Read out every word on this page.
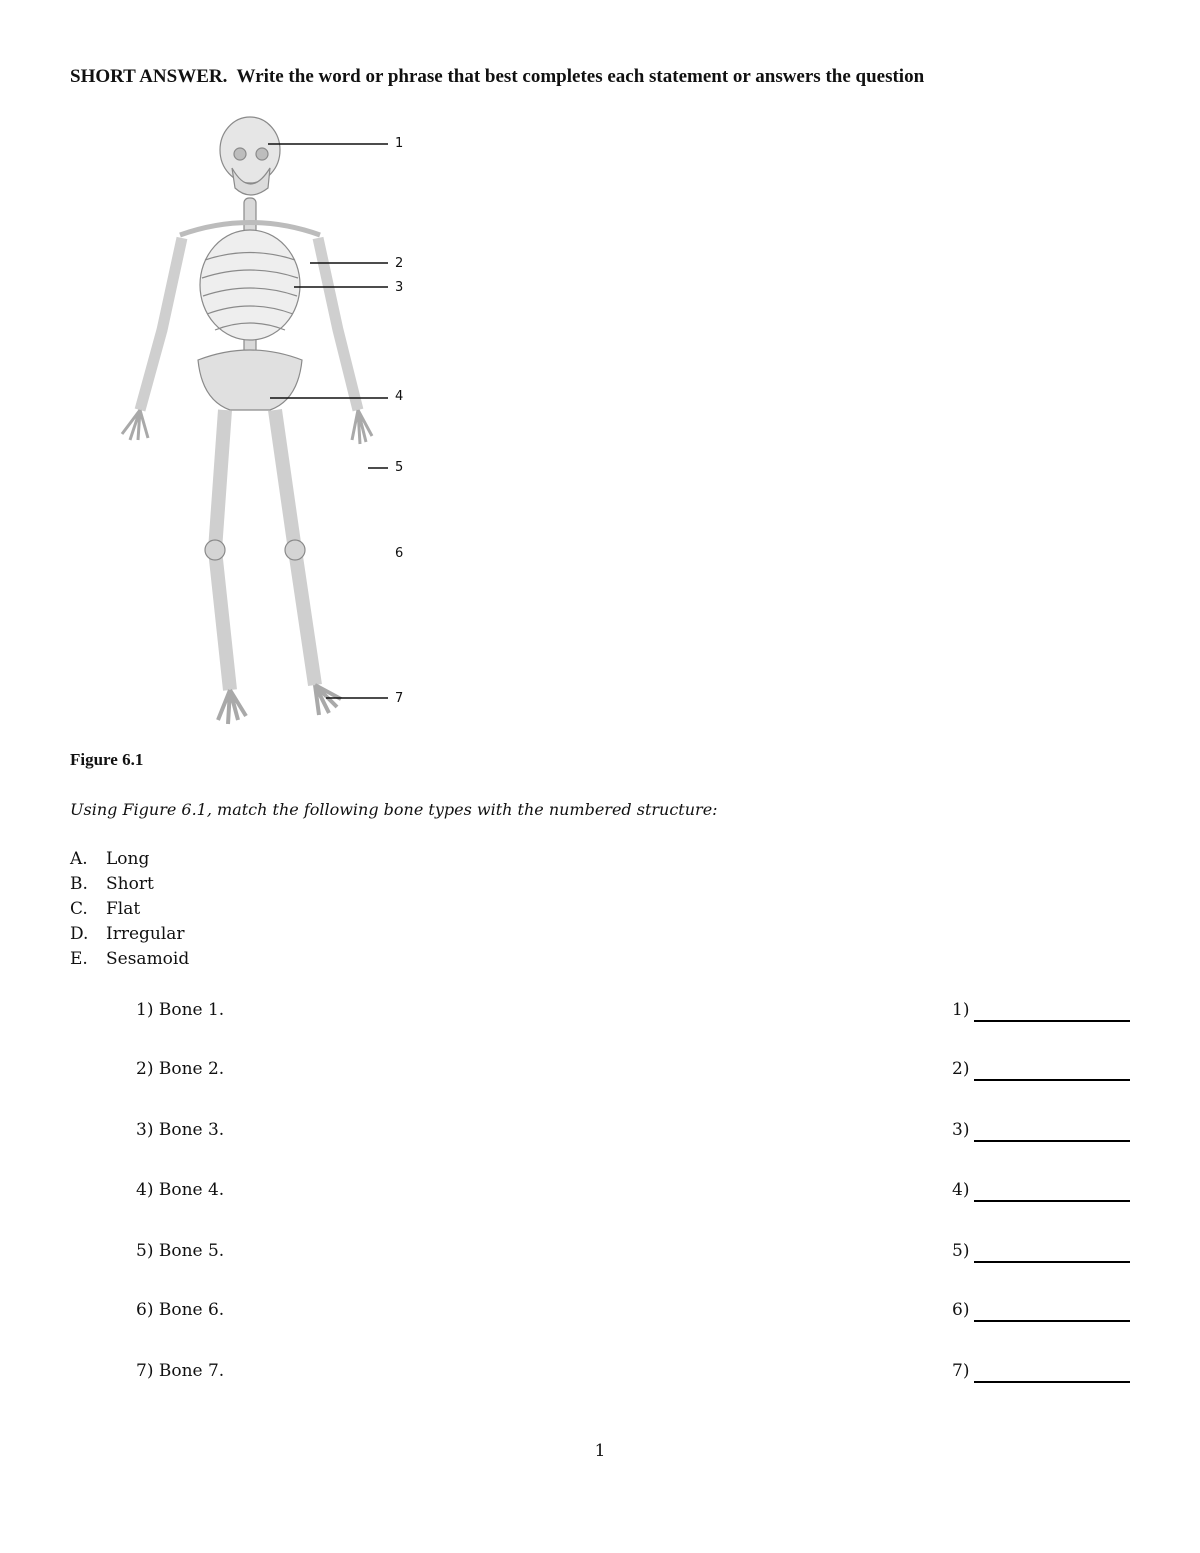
SHORT ANSWER. Write the word or phrase that best completes each statement or answers the question
1
2
3
4
5
6
7
Figure 6.1
Using Figure 6.1, match the following bone types with the numbered structure:
A.	Long
B.	Short
C.	Flat
D.	Irregular
E.	Sesamoid
1) Bone 1.	1)
2) Bone 2.	2)
3) Bone 3.	3)
4) Bone 4.	4)
5) Bone 5.	5)
6) Bone 6.	6)
7) Bone 7.	7)
1
